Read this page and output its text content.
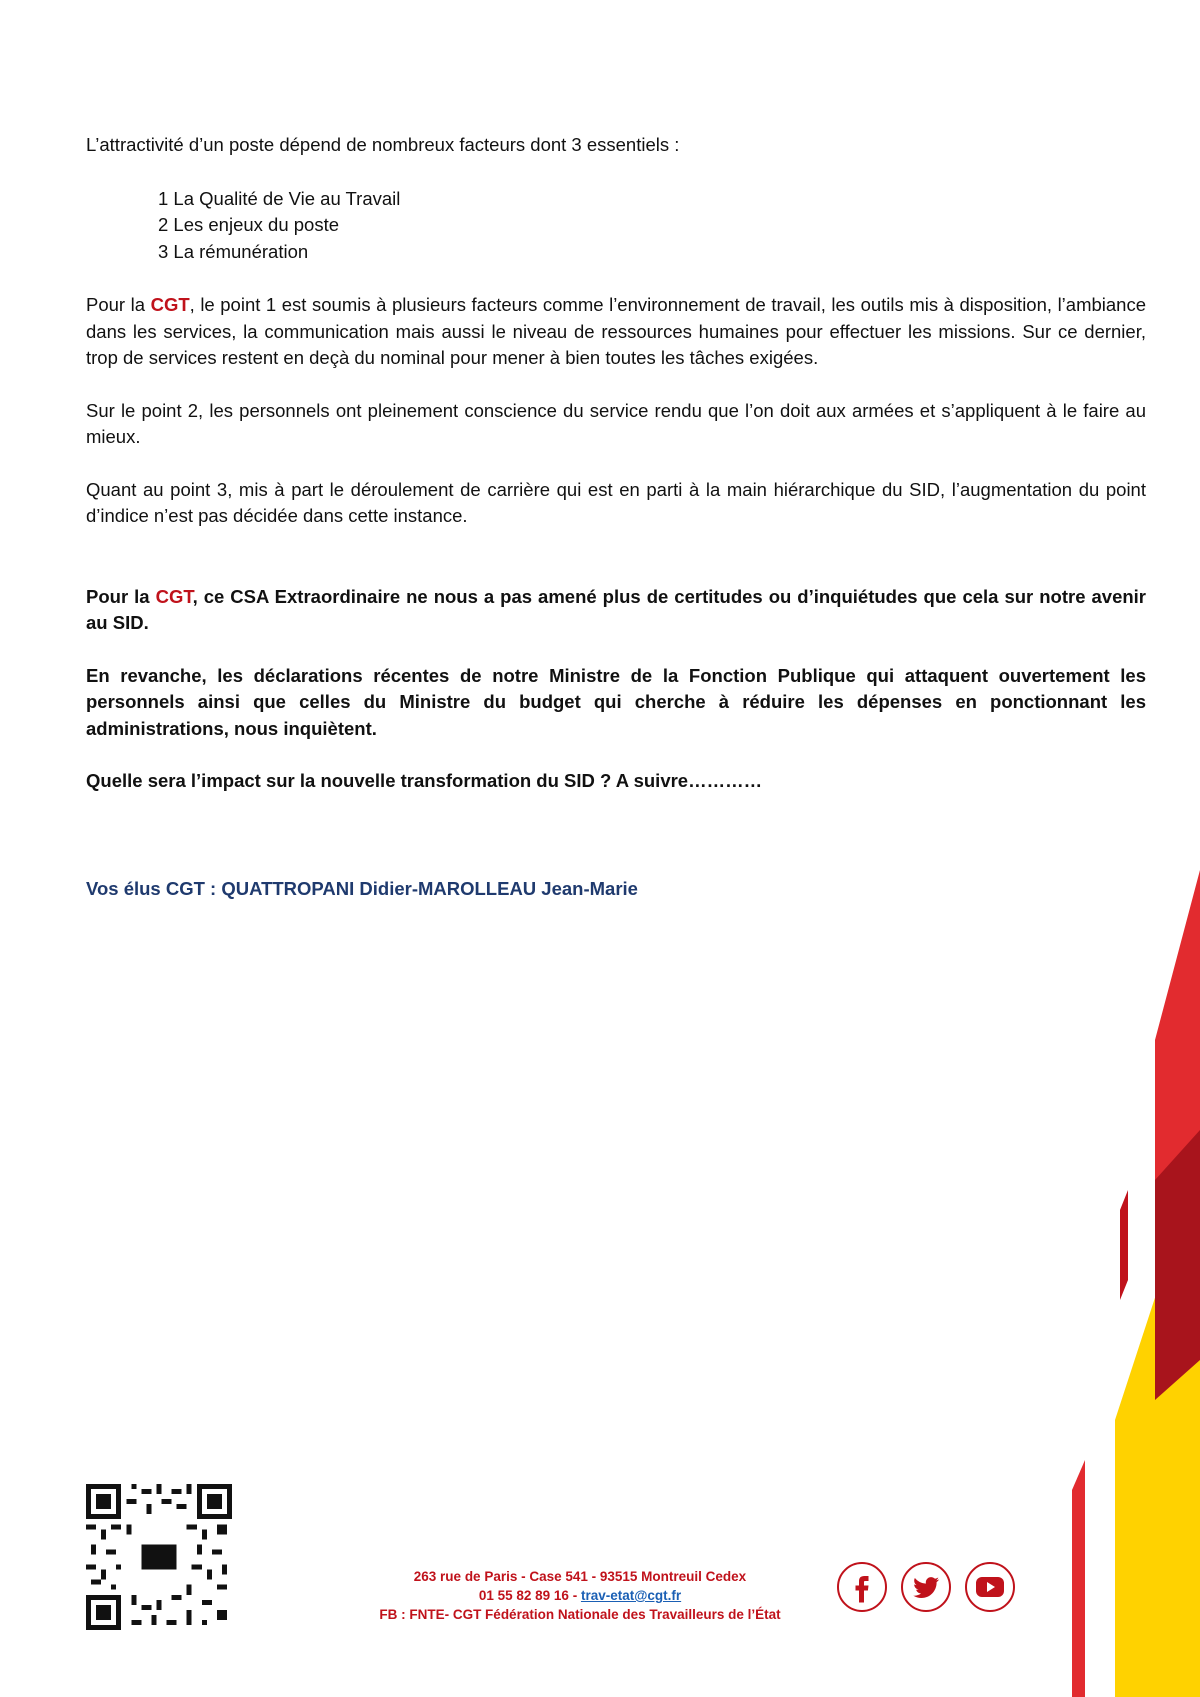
L’attractivité d’un poste dépend de nombreux facteurs dont 3 essentiels :

1 La Qualité de Vie au Travail
2 Les enjeux du poste
3 La rémunération

Pour la CGT, le point 1 est soumis à plusieurs facteurs comme l’environnement de travail, les outils mis à disposition, l’ambiance dans les services, la communication mais aussi le niveau de ressources humaines pour effectuer les missions. Sur ce dernier, trop de services restent en deçà du nominal pour mener à bien toutes les tâches exigées.

Sur le point 2, les personnels ont pleinement conscience du service rendu que l’on doit aux armées et s’appliquent à le faire au mieux.

Quant au point 3, mis à part le déroulement de carrière qui est en parti à la main hiérarchique du SID, l’augmentation du point d’indice n’est pas décidée dans cette instance.

Pour la CGT, ce CSA Extraordinaire ne nous a pas amené plus de certitudes ou d’inquiétudes que cela sur notre avenir au SID.

En revanche, les déclarations récentes de notre Ministre de la Fonction Publique qui attaquent ouvertement les personnels ainsi que celles du Ministre du budget qui cherche à réduire les dépenses en ponctionnant les administrations, nous inquiètent.

Quelle sera l’impact sur la nouvelle transformation du SID ? A suivre…………

Vos élus CGT : QUATTROPANI Didier-MAROLLEAU Jean-Marie
263 rue de Paris - Case 541 - 93515 Montreuil Cedex
01 55 82 89 16 - trav-etat@cgt.fr
FB : FNTE- CGT Fédération Nationale des Travailleurs de l’État
